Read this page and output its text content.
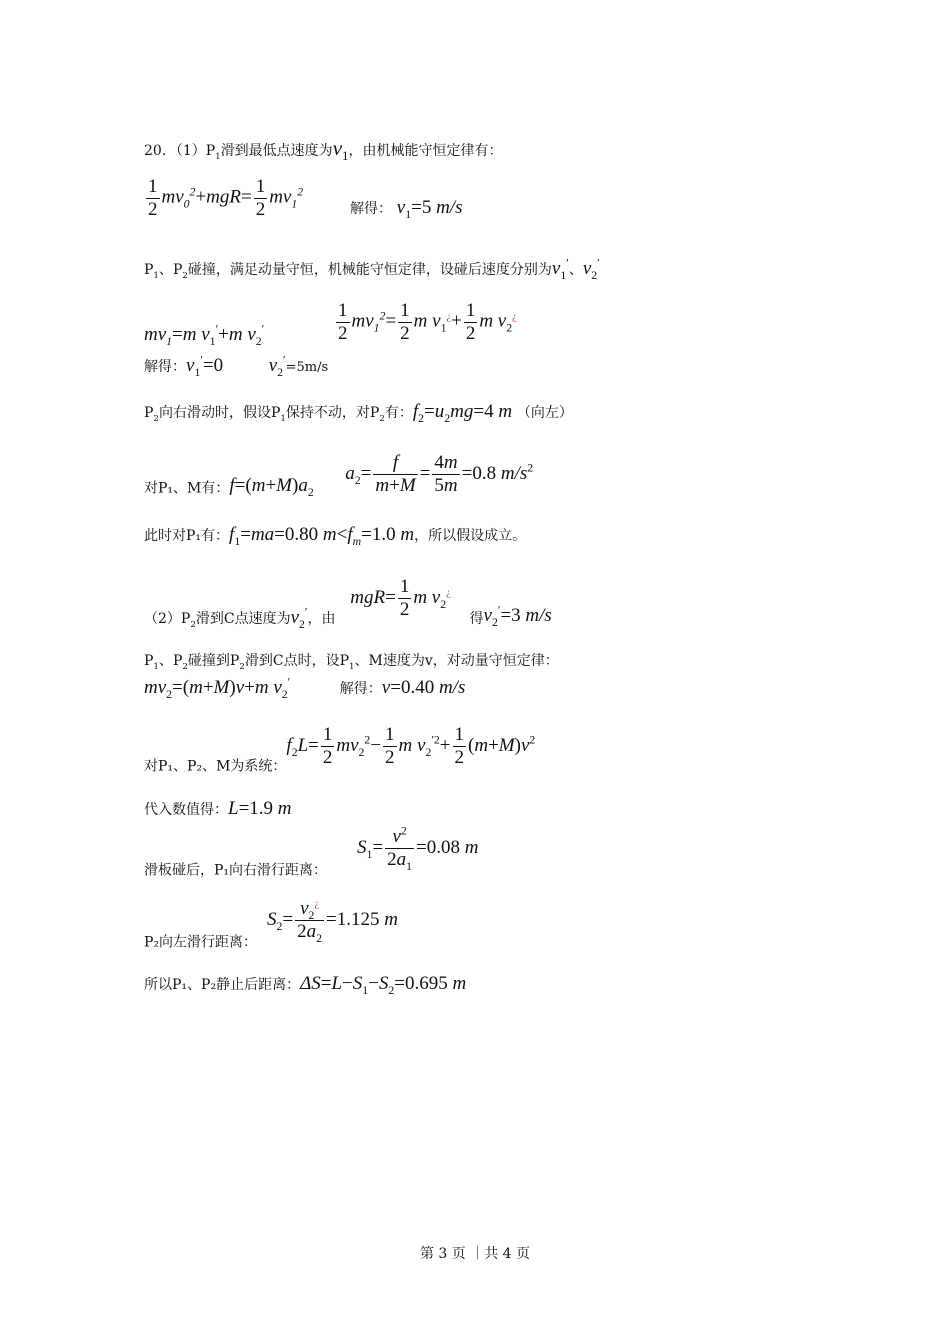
20．$(1)P_1$滑到最低点速度为$v_1$，由机械能守恒定律有：
$\frac{1}{2} mv_0^2+mgR= \frac{1}{2} mv_1^2$
解得： $v_1=5$ m/s
$P_1$、$P_2$碰撞，满足动量守恒，机械能守恒定律，设碰后速度分别为$v_1'$、$v_2'$
$mv_1=m$ $v_1'+m$ $v_2'$	$\frac{1}{2} mv_1^2= \frac{1}{2}$ m $v_1^¿+ \frac{1}{2}$ m $v_2^¿$
解得：$v_1'=0$ $v_2'=5m/s$
$P_2$向右滑动时，假设$P_1$保持不动，对$P_2$有：$f_2=u_2mg=4$ m （向左）
对P₁、M有：$f=(m+M)a_2$  $a_2= \frac{f}{m+M} = \frac{4m}{5m} =0.8$ $m/s^2$
此时对P₁有：$f_1=ma=0.80$ $m<f_m=1.0$ m，所以假设成立。
$(2)P_2$滑到C点速度为$v_2'$，由 $mgR= \frac{1}{2}$ m $v_2^¿$ 得$v_2'=3$ m/s
$P_1$、$P_2$碰撞到$P_2$滑到C点时，设$P_1$、M速度为v，对动量守恒定律：
$mv_2=(m+M)v+m$ $v_2'$	解得：v=0.40 m/s
对P₁、P₂、M为系统：$f_2L= \frac{1}{2} mv_2^2- \frac{1}{2}$ m $v_2^{'2}+ \frac{1}{2} (m+M)v^2$
代入数值得：L=1.9 m
滑板碰后，P₁向右滑行距离：$S_1= \frac{v^2}{2a_1} =0.08$ m
P₂向左滑行距离：$S_2= \frac{v_2^¿}{2a_2} =1.125$ m
所以P₁、P₂静止后距离：$\Delta S=L-S_1-S_2=0.695$ m
第 3 页 ｜共 4 页
